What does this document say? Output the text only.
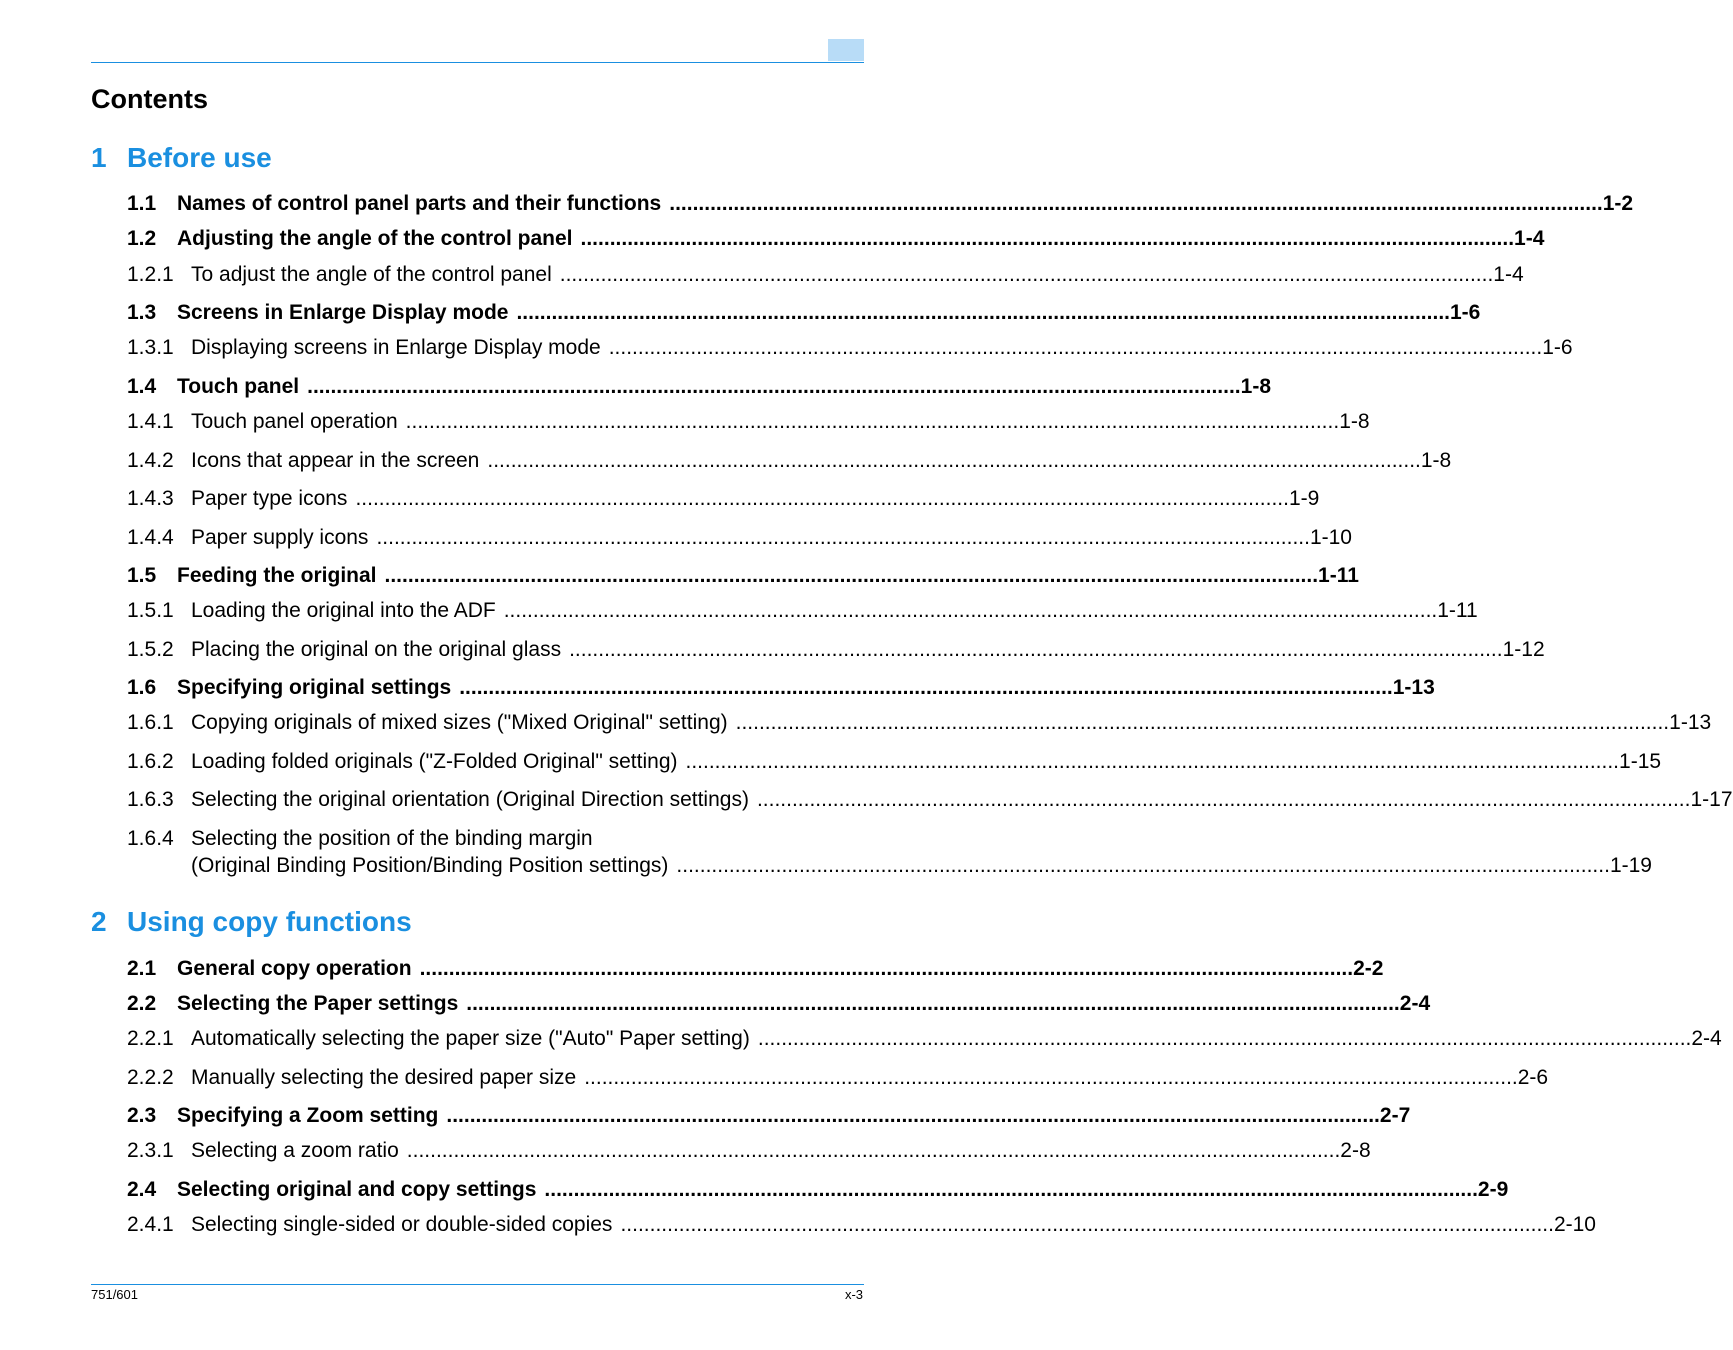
Contents
1 Before use
1.1 Names of control panel parts and their functions .....	1-2
1.2 Adjusting the angle of the control panel .....	1-4
1.2.1 To adjust the angle of the control panel .....	1-4
1.3 Screens in Enlarge Display mode .....	1-6
1.3.1 Displaying screens in Enlarge Display mode .....	1-6
1.4 Touch panel .....	1-8
1.4.1 Touch panel operation .....	1-8
1.4.2 Icons that appear in the screen .....	1-8
1.4.3 Paper type icons .....	1-9
1.4.4 Paper supply icons .....	1-10
1.5 Feeding the original .....	1-11
1.5.1 Loading the original into the ADF .....	1-11
1.5.2 Placing the original on the original glass .....	1-12
1.6 Specifying original settings .....	1-13
1.6.1 Copying originals of mixed sizes ("Mixed Original" setting) .....	1-13
1.6.2 Loading folded originals ("Z-Folded Original" setting) .....	1-15
1.6.3 Selecting the original orientation (Original Direction settings) .....	1-17
1.6.4 Selecting the position of the binding margin
(Original Binding Position/Binding Position settings) .....	1-19
2 Using copy functions
2.1 General copy operation .....	2-2
2.2 Selecting the Paper settings .....	2-4
2.2.1 Automatically selecting the paper size ("Auto" Paper setting) .....	2-4
2.2.2 Manually selecting the desired paper size .....	2-6
2.3 Specifying a Zoom setting .....	2-7
2.3.1 Selecting a zoom ratio .....	2-8
2.4 Selecting original and copy settings .....	2-9
2.4.1 Selecting single-sided or double-sided copies .....	2-10
751/601	x-3
